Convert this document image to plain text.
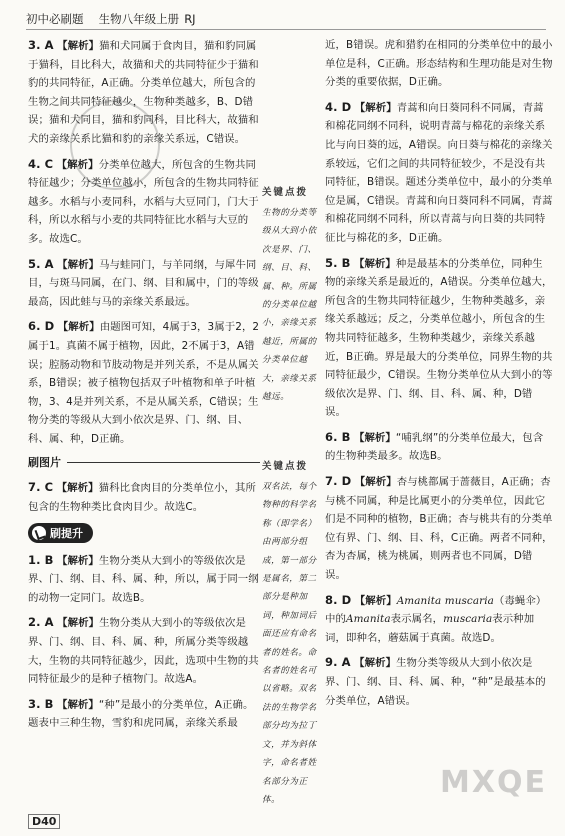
初中必刷题 生物八年级上册 RJ
3. A 【解析】猫和犬同属于食肉目，猫和豹同属于猫科，目比科大，故猫和犬的共同特征少于猫和豹的共同特征，A正确。分类单位越大，所包含的生物之间共同特征越少，生物种类越多，B、D错误；猫和犬同目，猫和豹同科，目比科大，故猫和犬的亲缘关系比猫和豹的亲缘关系远，C错误。
4. C 【解析】分类单位越大，所包含的生物共同特征越少；分类单位越小，所包含的生物共同特征越多。水稻与小麦同科，水稻与大豆同门，门大于科，所以水稻与小麦的共同特征比水稻与大豆的多。故选C。
5. A 【解析】马与蛙同门，与羊同纲，与犀牛同目，与斑马同属，在门、纲、目和属中，门的等级最高，因此蛙与马的亲缘关系最远。
6. D 【解析】由题图可知，4属于3，3属于2，2属于1。真菌不属于植物，因此，2不属于3，A错误；腔肠动物和节肢动物是并列关系，不是从属关系，B错误；被子植物包括双子叶植物和单子叶植物，3、4是并列关系，不是从属关系，C错误；生物分类的等级从大到小依次是界、门、纲、目、科、属、种，D正确。
刷图片
7. C 【解析】猫科比食肉目的分类单位小，其所包含的生物种类比食肉目少。故选C。
刷提升
1. B 【解析】生物分类从大到小的等级依次是界、门、纲、目、科、属、种，所以，属于同一纲的动物一定同门。故选B。
2. A 【解析】生物分类从大到小的等级依次是界、门、纲、目、科、属、种，所属分类等级越大，生物的共同特征越少，因此，选项中生物的共同特征最少的是种子植物门。故选A。
3. B 【解析】“种”是最小的分类单位，A正确。题表中三种生物，雪豹和虎同属，亲缘关系最
关键点拨
生物的分类等级从大到小依次是界、门、纲、目、科、属、种。所属的分类单位越小，亲缘关系越近，所属的分类单位越大，亲缘关系越远。
关键点拨
双名法，每个物种的科学名称（即学名）由两部分组成，第一部分是属名，第二部分是种加词，种加词后面还应有命名者的姓名。命名者的姓名可以省略。双名法的生物学名部分均为拉丁文，并为斜体字，命名者姓名部分为正体。
近，B错误。虎和猎豹在相同的分类单位中的最小单位是科，C正确。形态结构和生理功能是对生物分类的重要依据，D正确。
4. D 【解析】青蒿和向日葵同科不同属，青蒿和棉花同纲不同科，说明青蒿与棉花的亲缘关系比与向日葵的远，A错误。向日葵与棉花的亲缘关系较远，它们之间的共同特征较少，不是没有共同特征，B错误。题述分类单位中，最小的分类单位是属，C错误。青蒿和向日葵同科不同属，青蒿和棉花同纲不同科，所以青蒿与向日葵的共同特征比与棉花的多，D正确。
5. B 【解析】种是最基本的分类单位，同种生物的亲缘关系是最近的，A错误。分类单位越大，所包含的生物共同特征越少，生物种类越多，亲缘关系越远；反之，分类单位越小，所包含的生物共同特征越多，生物种类越少，亲缘关系越近，B正确。界是最大的分类单位，同界生物的共同特征最少，C错误。生物分类单位从大到小的等级依次是界、门、纲、目、科、属、种，D错误。
6. B 【解析】“哺乳纲”的分类单位最大，包含的生物种类最多。故选B。
7. D 【解析】杏与桃都属于蔷薇目，A正确；杏与桃不同属，种是比属更小的分类单位，因此它们是不同种的植物，B正确；杏与桃共有的分类单位有界、门、纲、目、科，C正确。两者不同种，杏为杏属，桃为桃属，则两者也不同属，D错误。
8. D 【解析】Amanita muscaria（毒蝇伞）中的Amanita表示属名，muscaria表示种加词，即种名，蘑菇属于真菌。故选D。
9. A 【解析】生物分类等级从大到小依次是界、门、纲、目、科、属、种，“种”是最基本的分类单位，A错误。
MXQE
D40
